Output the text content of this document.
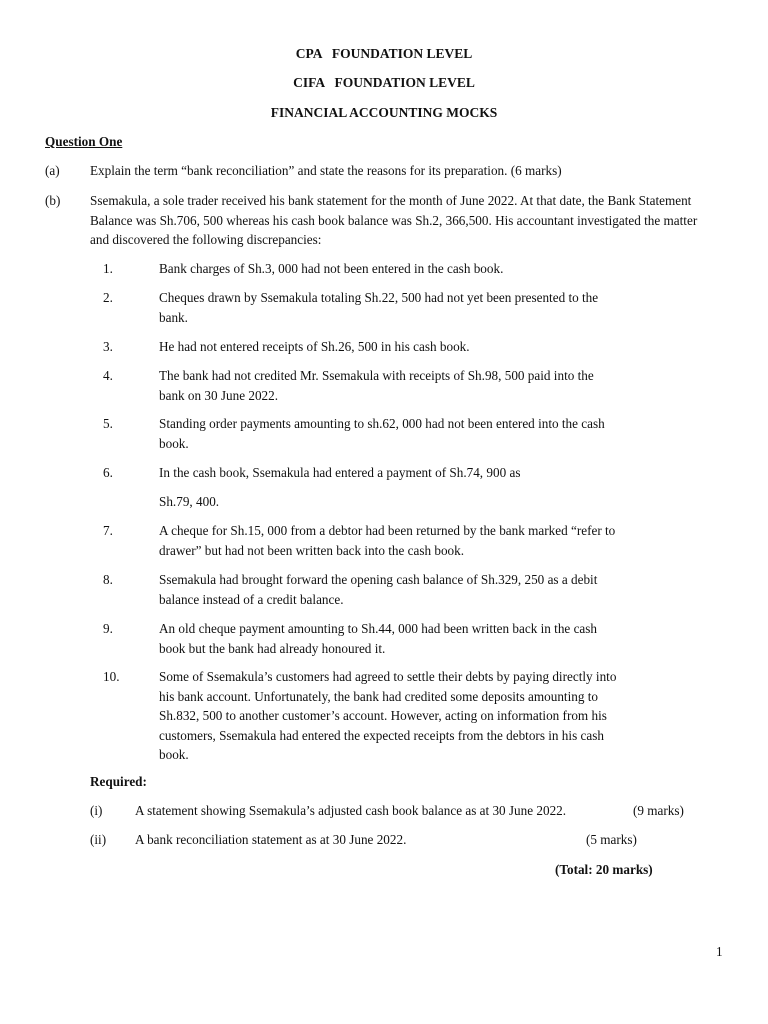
CPA   FOUNDATION LEVEL
CIFA   FOUNDATION LEVEL
FINANCIAL ACCOUNTING MOCKS
Question One
(a) Explain the term “bank reconciliation” and state the reasons for its preparation. (6 marks)
(b) Ssemakula, a sole trader received his bank statement for the month of June 2022. At that date, the Bank Statement Balance was Sh.706, 500 whereas his cash book balance was Sh.2, 366,500. His accountant investigated the matter and discovered the following discrepancies:
1.	Bank charges of Sh.3, 000 had not been entered in the cash book.
2.	Cheques drawn by Ssemakula totaling Sh.22, 500 had not yet been presented to the bank.
3.	He had not entered receipts of Sh.26, 500 in his cash book.
4.	The bank had not credited Mr. Ssemakula with receipts of Sh.98, 500 paid into the bank on 30 June 2022.
5.	Standing order payments amounting to sh.62, 000 had not been entered into the cash book.
6.	In the cash book, Ssemakula had entered a payment of Sh.74, 900 as
Sh.79, 400.
7.	A cheque for Sh.15, 000 from a debtor had been returned by the bank marked “refer to drawer” but had not been written back into the cash book.
8.	Ssemakula had brought forward the opening cash balance of Sh.329, 250 as a debit balance instead of a credit balance.
9.	An old cheque payment amounting to Sh.44, 000 had been written back in the cash book but the bank had already honoured it.
10.	Some of Ssemakula’s customers had agreed to settle their debts by paying directly into his bank account. Unfortunately, the bank had credited some deposits amounting to Sh.832, 500 to another customer’s account. However, acting on information from his customers, Ssemakula had entered the expected receipts from the debtors in his cash book.
Required:
(i) A statement showing Ssemakula’s adjusted cash book balance as at 30 June 2022.	(9 marks)
(ii) A bank reconciliation statement as at 30 June 2022.	(5 marks)
(Total: 20 marks)
1
